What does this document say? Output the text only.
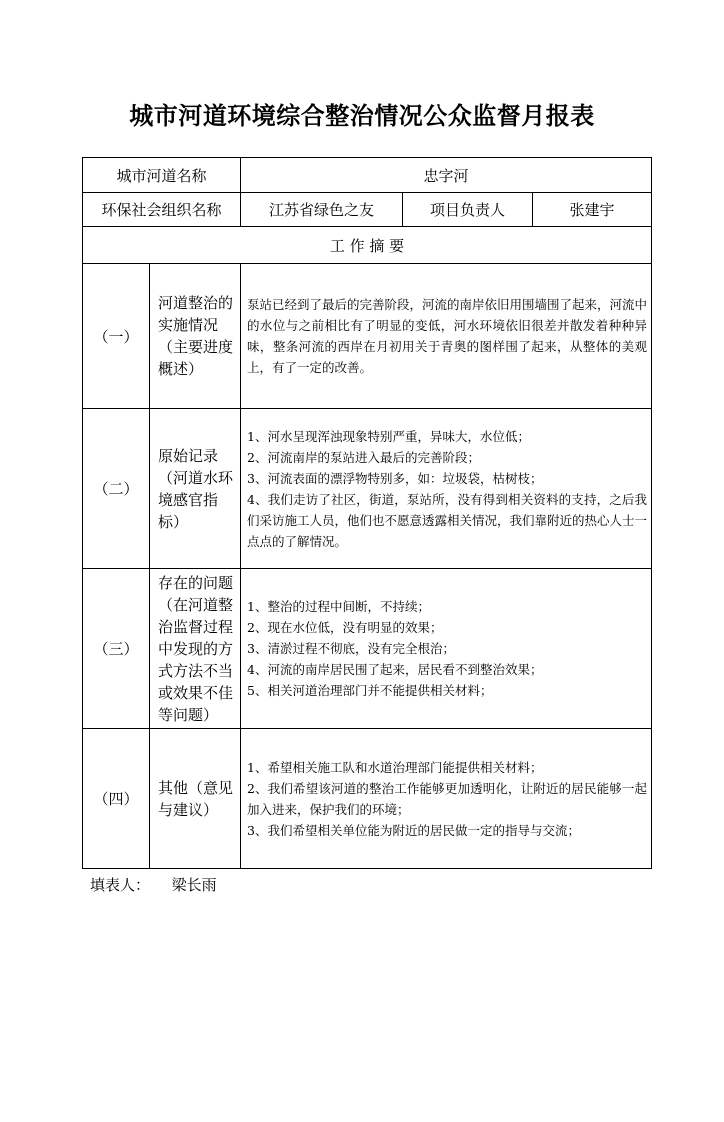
城市河道环境综合整治情况公众监督月报表
城市河道名称		忠字河		
环保社会组织名称		江苏省绿色之友	项目负责人	张建宇
工 作 摘 要				
（一）	河道整治的实施情况（主要进度概述）	泵站已经到了最后的完善阶段，河流的南岸依旧用围墙围了起来，河流中的水位与之前相比有了明显的变低，河水环境依旧很差并散发着种种异味，整条河流的西岸在月初用关于青奥的图样围了起来，从整体的美观上，有了一定的改善。		

（二）	原始记录（河道水环境感官指标）	1、河水呈现浑浊现象特别严重，异味大，水位低；
2、河流南岸的泵站进入最后的完善阶段；
3、河流表面的漂浮物特别多，如：垃圾袋，枯树枝；
4、我们走访了社区，街道，泵站所，没有得到相关资料的支持，之后我们采访施工人员，他们也不愿意透露相关情况，我们靠附近的热心人士一点点的了解情况。		

（三）	存在的问题（在河道整治监督过程中发现的方式方法不当或效果不佳等问题）	1、整治的过程中间断，不持续；
2、现在水位低，没有明显的效果；
3、清淤过程不彻底，没有完全根治；
4、河流的南岸居民围了起来，居民看不到整治效果；
5、相关河道治理部门并不能提供相关材料；		

（四）	其他（意见与建议）	1、希望相关施工队和水道治理部门能提供相关材料；
2、我们希望该河道的整治工作能够更加透明化，让附近的居民能够一起加入进来，保护我们的环境；
3、我们希望相关单位能为附近的居民做一定的指导与交流；		
填表人： 梁长雨
